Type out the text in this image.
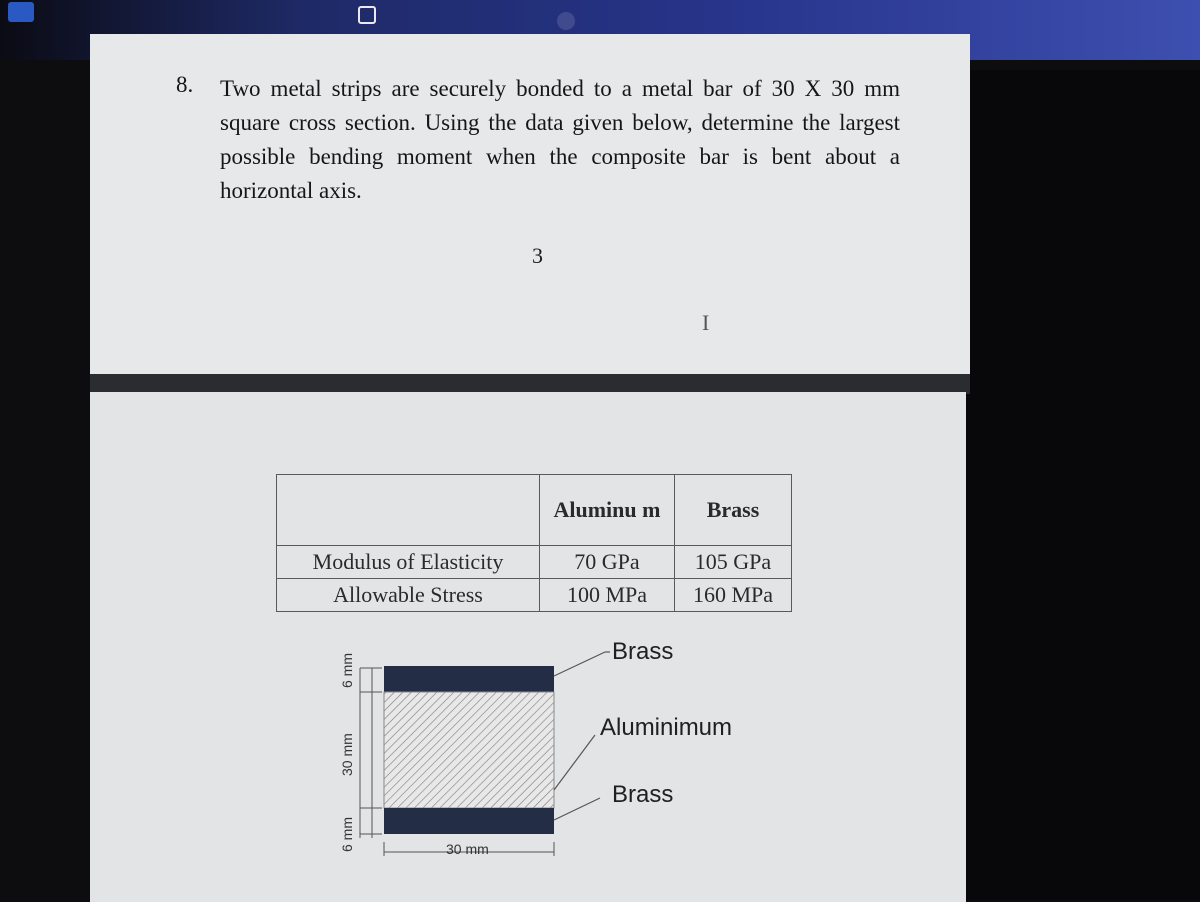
8. Two metal strips are securely bonded to a metal bar of 30 X 30 mm square cross section. Using the data given below, determine the largest possible bending moment when the composite bar is bent about a horizontal axis.
3
I
	Aluminu m	Brass
Modulus of Elasticity	70 GPa	105 GPa
Allowable Stress	100 MPa	160 MPa
6 mm
30 mm
6 mm	30 mm
Brass
Aluminimum
Brass
